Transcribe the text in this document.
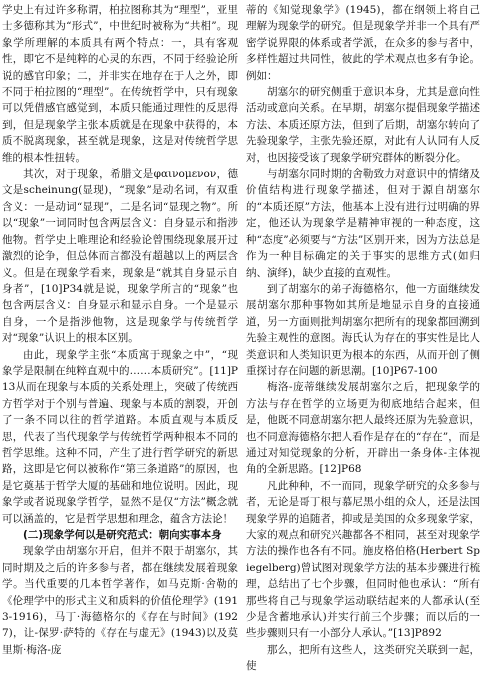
学史上有过许多称谓，柏拉图称其为“理型”，亚里士多德称其为“形式”，中世纪时被称为“共相”。现象学所理解的本质具有两个特点：一，具有客观性，即它不是纯粹的心灵的东西，不同于经验论所说的感官印象；二，并非实在地存在于人之外，即不同于柏拉图的“理型”。在传统哲学中，只有现象可以凭借感官感觉到，本质只能通过理性的反思得到，但是现象学主张本质就是在现象中获得的，本质不脱离现象，甚至就是现象，这是对传统哲学思维的根本性扭转。

其次，对于现象，希腊文是φαινομενον，德文是scheinung(显现)，“现象”是动名词，有双重含义：一是动词“显现”，二是名词“显现之物”。所以“现象”一词同时包含两层含义：自身显示和指涉他物。哲学史上唯理论和经验论曾围绕现象展开过激烈的论争，但总体而言都没有超越以上的两层含义。但是在现象学看来，现象是“就其自身显示自身者”，[10]P34就是说，现象学所言的“现象”也包含两层含义：自身显示和显示自身。一个是显示自身，一个是指涉他物，这是现象学与传统哲学对“现象”认识上的根本区别。

由此，现象学主张“本质寓于现象之中”，“现象学是限制在纯粹直观中的……本质研究”。[11]P13从而在现象与本质的关系处理上，突破了传统西方哲学对于个别与普遍、现象与本质的割裂，开创了一条不同以往的哲学道路。本质直观与本质反思，代表了当代现象学与传统哲学两种根本不同的哲学思维。这种不同，产生了进行哲学研究的新思路，这即是它何以被称作“第三条道路”的原因，也是它奠基于哲学大厦的基础和地位说明。因此，现象学或者说现象学哲学，显然不是仅“方法”概念就可以涵盖的，它是哲学思想和理念，蕴含方法论！

(二)现象学何以是研究范式：朝向实事本身

现象学由胡塞尔开启，但并不限于胡塞尔，其同时期及之后的许多参与者，都在继续发展着现象学。当代重要的几本哲学著作，如马克斯·舍勒的《伦理学中的形式主义和质料的价值伦理学》(1913-1916)，马丁·海德格尔的《存在与时间》(1927)，让-保罗·萨特的《存在与虚无》(1943)以及莫里斯·梅洛-庞

蒂的《知觉现象学》(1945)，都在纲领上将自己理解为现象学的研究。但是现象学并非一个具有严密学说界限的体系或者学派，在众多的参与者中，多样性超过共同性，彼此的学术观点也多有争论。例如：

胡塞尔的研究侧重于意识本身，尤其是意向性活动或意向关系。在早期，胡塞尔提倡现象学描述方法、本质还原方法，但到了后期，胡塞尔转向了先验现象学，主张先验还原，对此有人认同有人反对，也因接受该了现象学研究群体的断裂分化。

与胡塞尔同时期的舍勒致力对意识中的情绪及价值结构进行现象学描述，但对于源自胡塞尔的“本质还原”方法，他基本上没有进行过明确的界定，他还认为现象学是精神审视的一种态度，这种“态度”必须要与“方法”区别开来，因为方法总是作为一种目标确定的关于事实的思维方式(如归纳、演绎)，缺少直接的直观性。

到了胡塞尔的弟子海德格尔，他一方面继续发展胡塞尔那种事物如其所是地显示自身的直接通道，另一方面则批判胡塞尔把所有的现象都回溯到先验主观性的意图。海氏认为存在的事实性是比人类意识和人类知识更为根本的东西，从而开创了侧重探讨存在问题的新思潮。[10]P67-100

梅洛-庞蒂继续发展胡塞尔之后，把现象学的方法与存在哲学的立场更为彻底地结合起来，但是，他既不同意胡塞尔把人最终还原为先验意识，也不同意海德格尔把人看作是存在的“存在”，而是通过对知觉现象的分析，开辟出一条身体-主体视角的全新思路。[12]P68

凡此种种，不一而同，现象学研究的众多参与者，无论是哥丁根与慕尼黑小组的众人，还是法国现象学界的追随者，抑或是美国的众多现象学家，大家的观点和研究兴趣都各不相同，甚至对现象学方法的操作也各有不同。施皮格伯格(Herbert Spiegelberg)曾试图对现象学方法的基本步骤进行梳理，总结出了七个步骤，但同时他也承认：“所有那些将自己与现象学运动联结起来的人都承认(至少是含蓄地承认)并实行前三个步骤；而以后的一些步骤则只有一小部分人承认。”[13]P892

那么，把所有这些人，这类研究关联到一起，使
